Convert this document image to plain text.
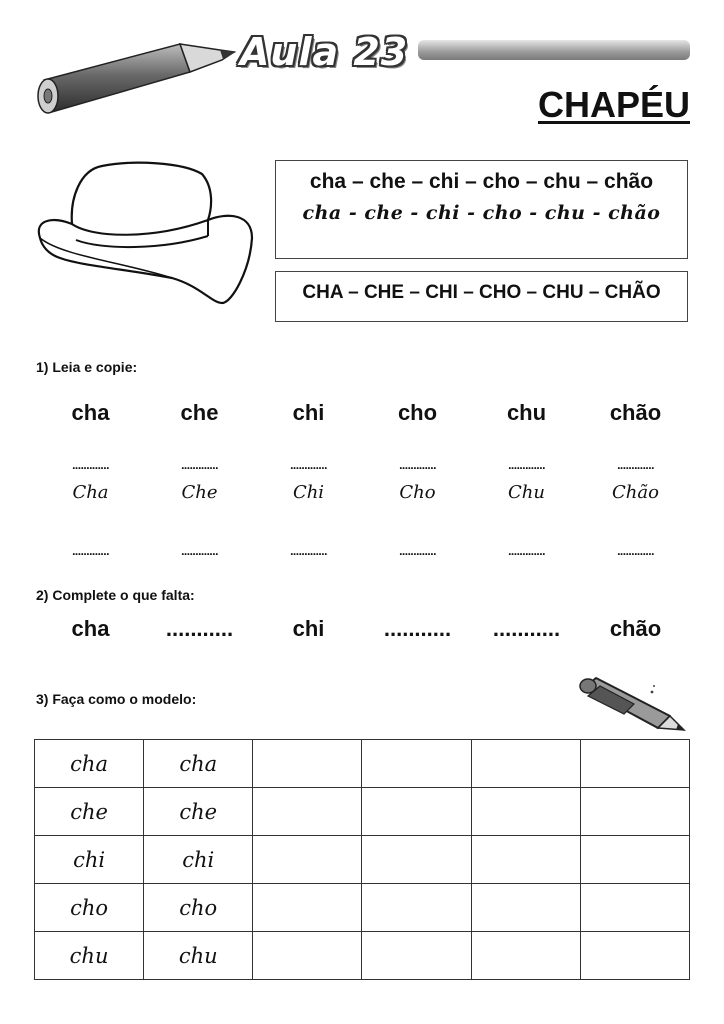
Aula 23
CHAPÉU
cha – che – chi – cho – chu – chão
cha - che - chi - cho - chu - chão
CHA – CHE – CHI – CHO – CHU – CHÃO
1) Leia e copie:
cha	che	chi	cho	chu	chão
.............	.............	.............	.............	.............	.............
Cha	Che	Chi	Cho	Chu	Chão
.............	.............	.............	.............	.............	.............
2) Complete o que falta:
cha	...........	chi	...........	...........	chão
3) Faça como o modelo:
cha	cha				
che	che				
chi	chi				
cho	cho				
chu	chu				
